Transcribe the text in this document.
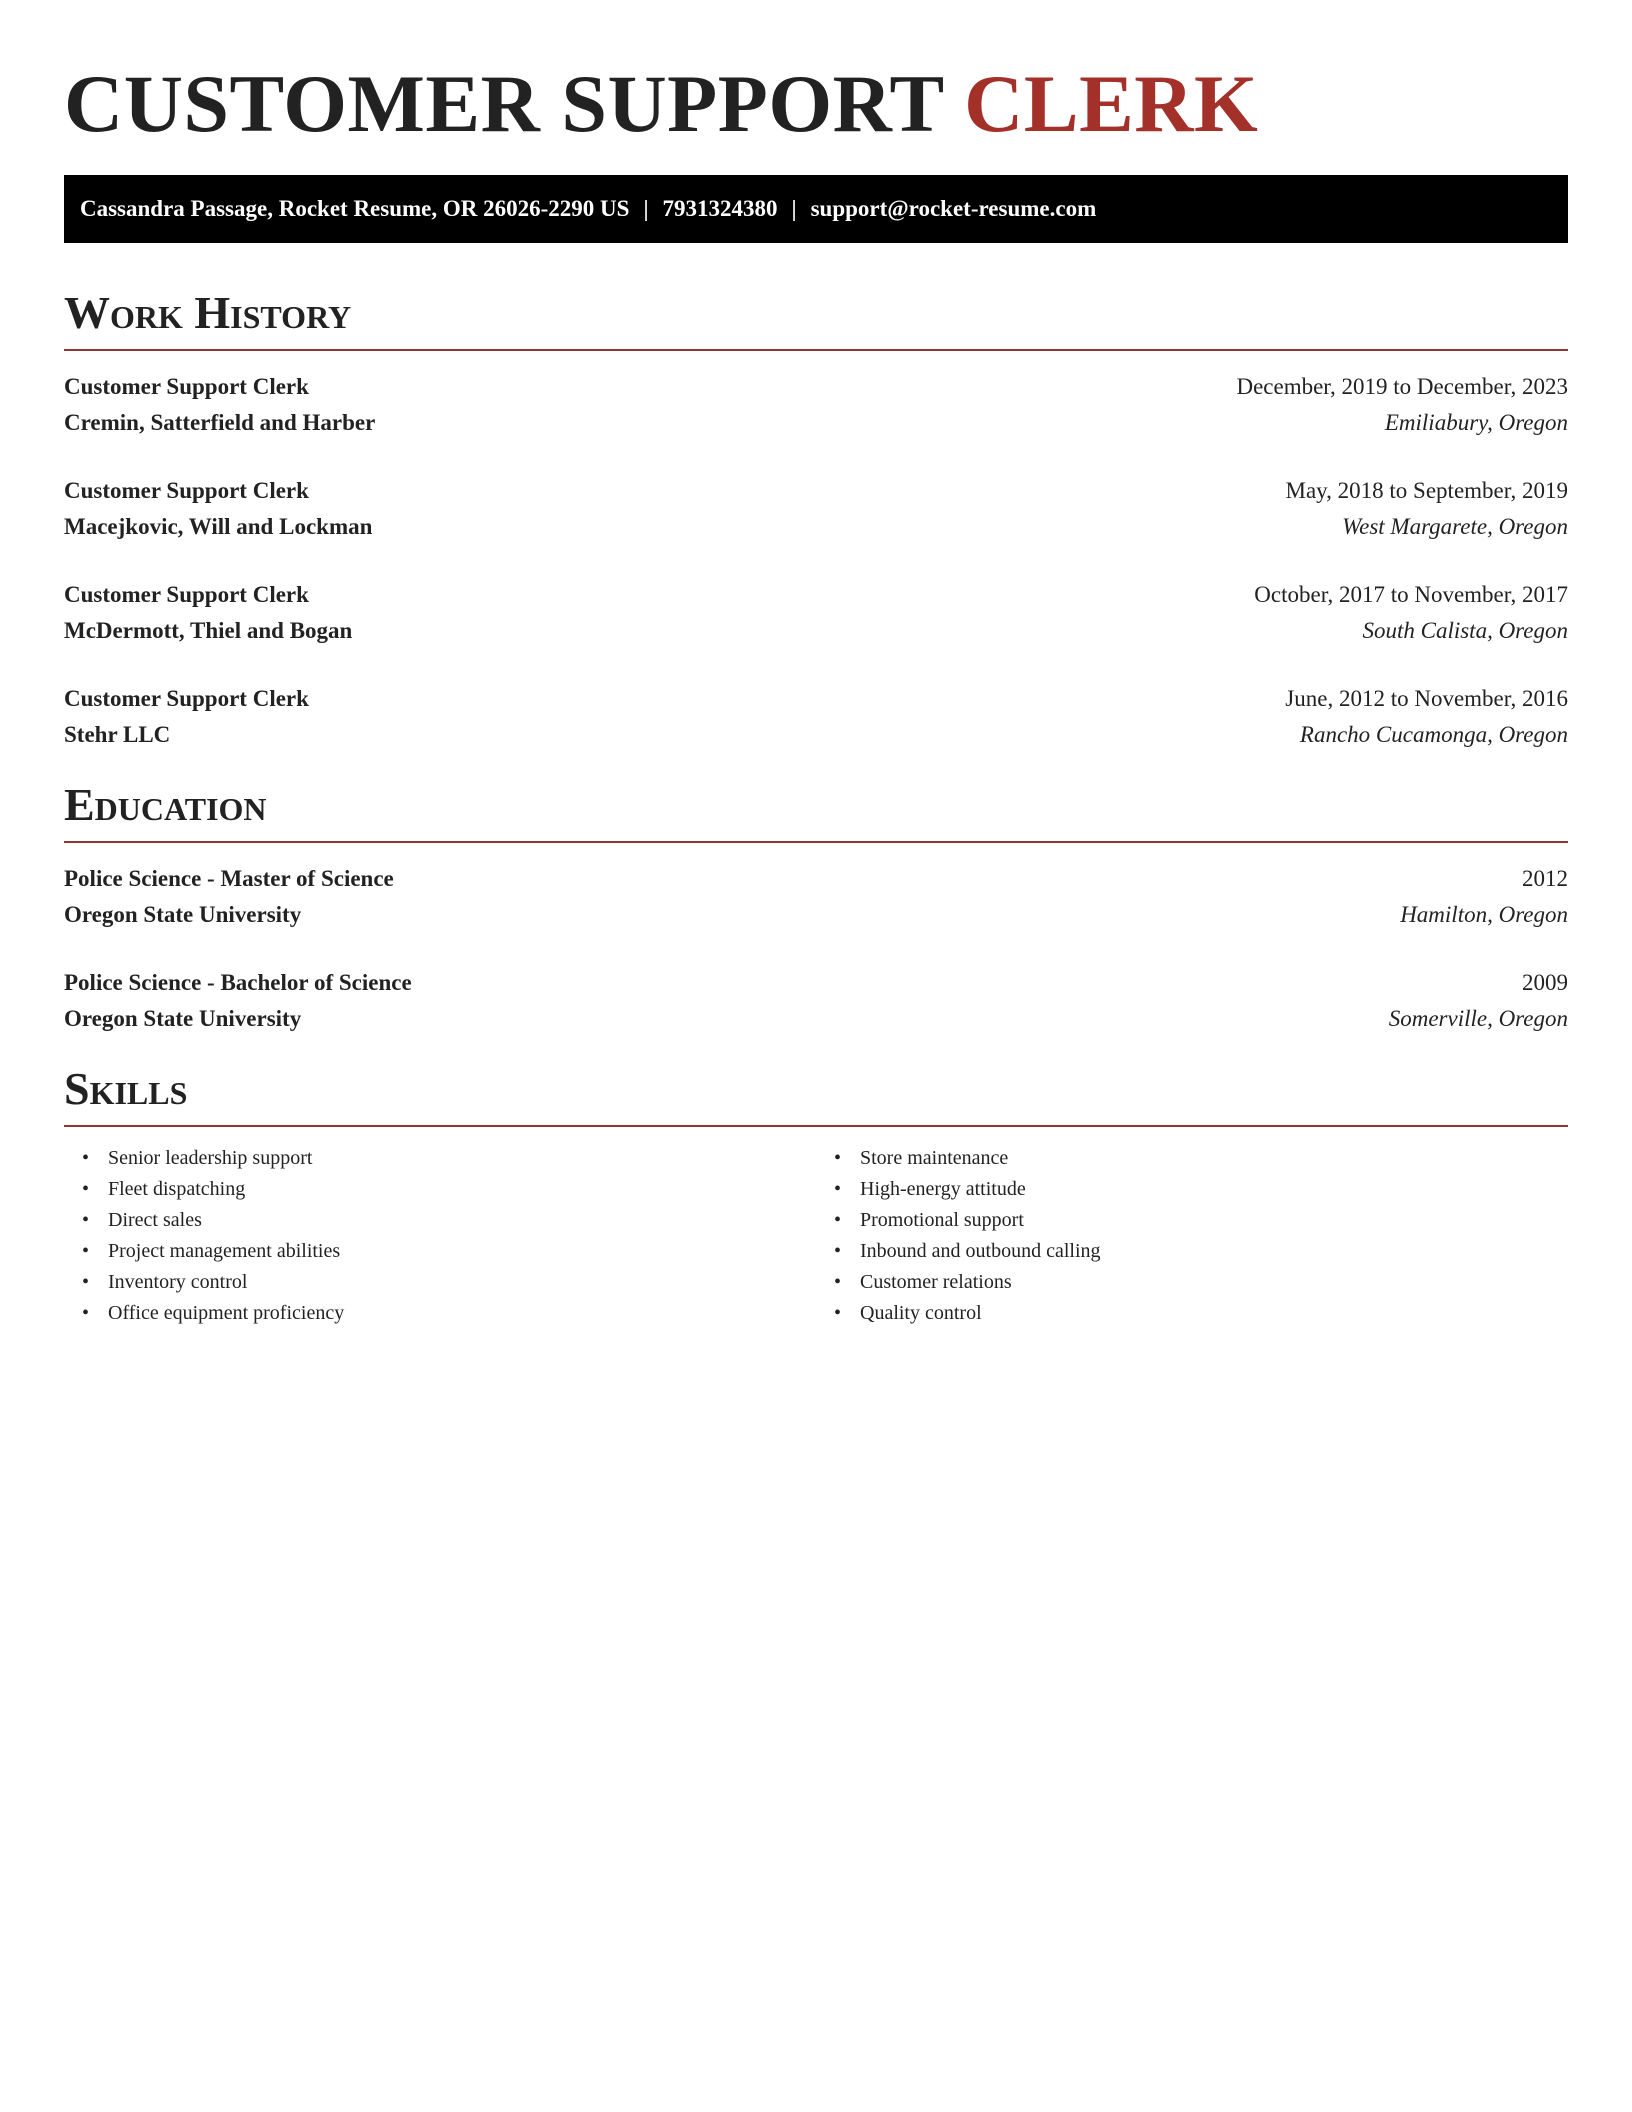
CUSTOMER SUPPORT CLERK
Cassandra Passage, Rocket Resume, OR 26026-2290 US | 7931324380 | support@rocket-resume.com
Work History
Customer Support Clerk	December, 2019 to December, 2023
Cremin, Satterfield and Harber	Emiliabury, Oregon
Customer Support Clerk	May, 2018 to September, 2019
Macejkovic, Will and Lockman	West Margarete, Oregon
Customer Support Clerk	October, 2017 to November, 2017
McDermott, Thiel and Bogan	South Calista, Oregon
Customer Support Clerk	June, 2012 to November, 2016
Stehr LLC	Rancho Cucamonga, Oregon
Education
Police Science - Master of Science	2012
Oregon State University	Hamilton, Oregon
Police Science - Bachelor of Science	2009
Oregon State University	Somerville, Oregon
Skills
• Senior leadership support
• Fleet dispatching
• Direct sales
• Project management abilities
• Inventory control
• Office equipment proficiency
• Store maintenance
• High-energy attitude
• Promotional support
• Inbound and outbound calling
• Customer relations
• Quality control
